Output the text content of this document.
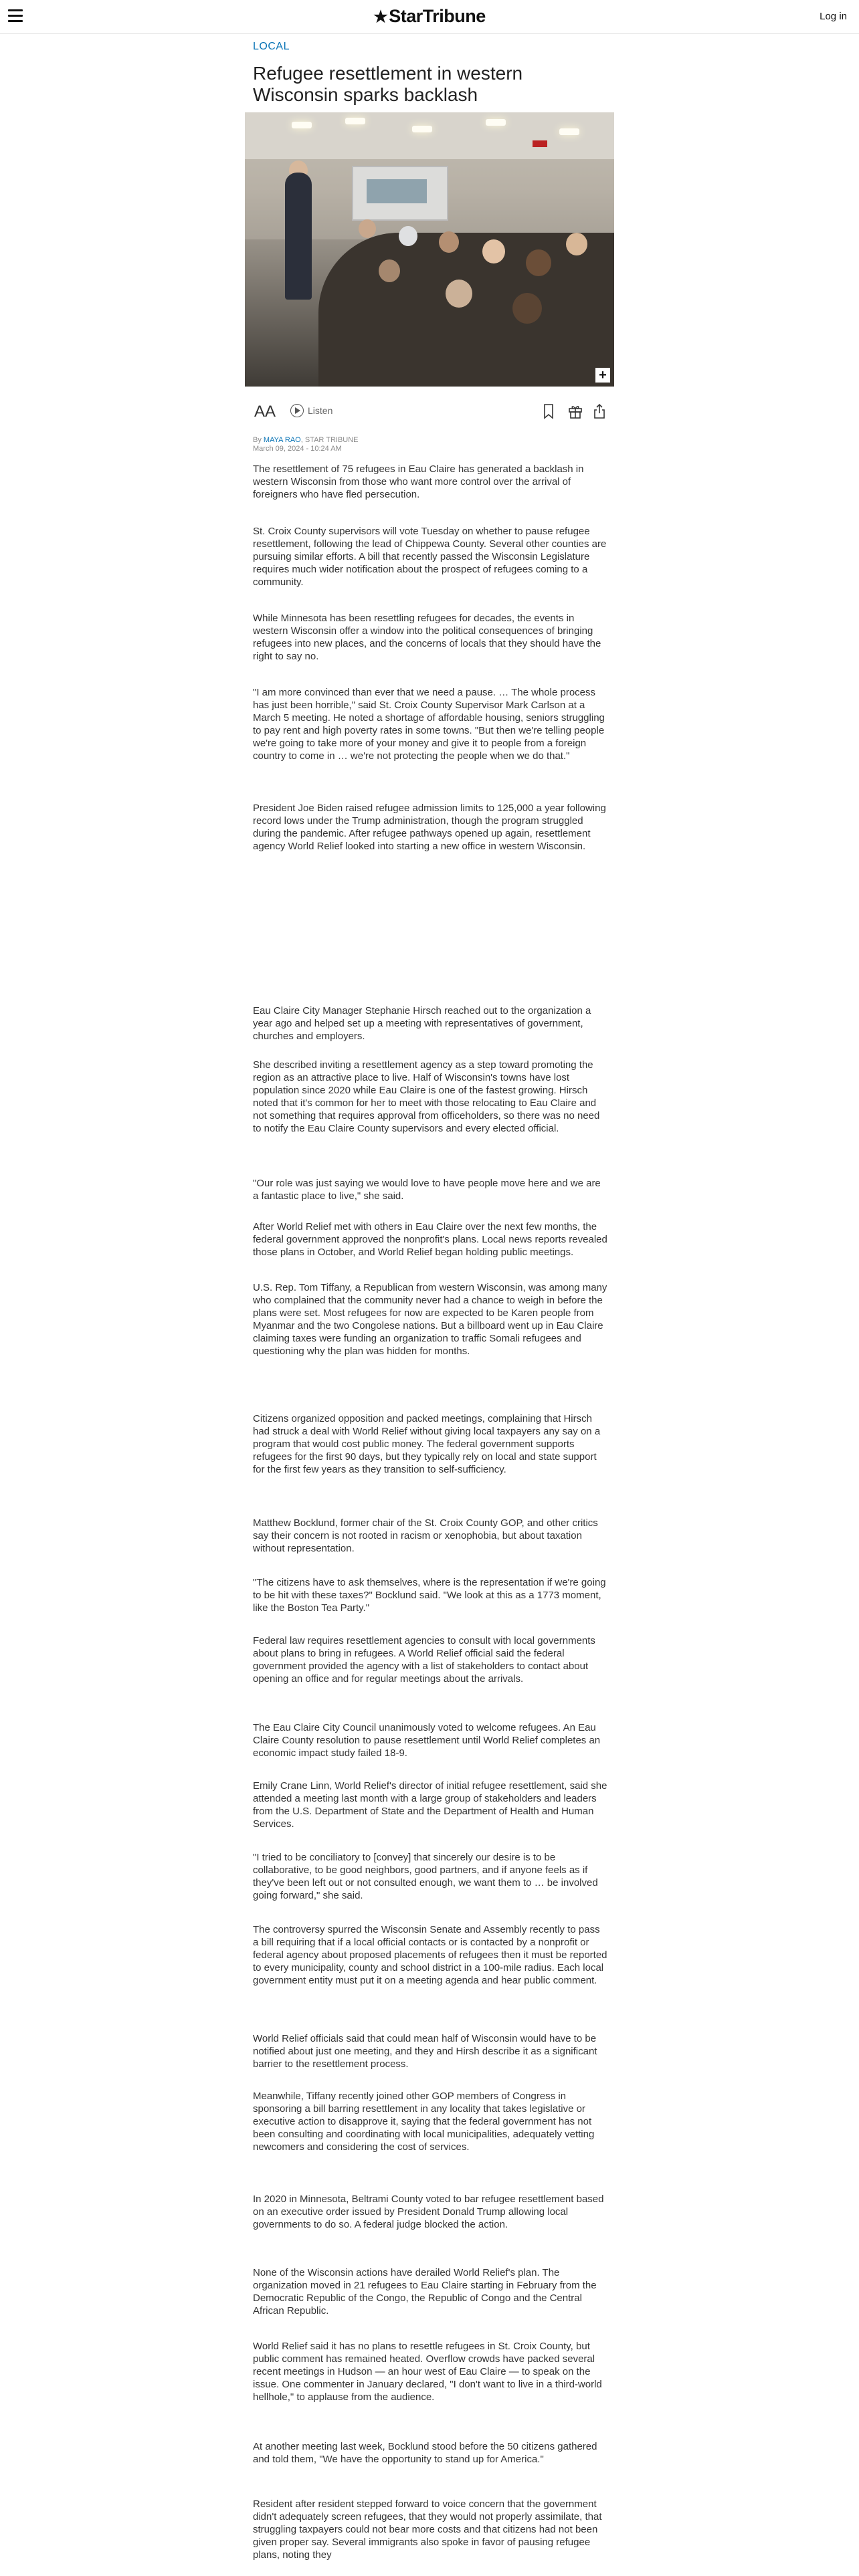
★StarTribune	Log in
LOCAL
Refugee resettlement in western Wisconsin sparks backlash
+
AA	Listen
By MAYA RAO, STAR TRIBUNE
March 09, 2024 - 10:24 AM

The resettlement of 75 refugees in Eau Claire has generated a backlash in western Wisconsin from those who want more control over the arrival of foreigners who have fled persecution.

St. Croix County supervisors will vote Tuesday on whether to pause refugee resettlement, following the lead of Chippewa County. Several other counties are pursuing similar efforts. A bill that recently passed the Wisconsin Legislature requires much wider notification about the prospect of refugees coming to a community.

While Minnesota has been resettling refugees for decades, the events in western Wisconsin offer a window into the political consequences of bringing refugees into new places, and the concerns of locals that they should have the right to say no.

"I am more convinced than ever that we need a pause. … The whole process has just been horrible," said St. Croix County Supervisor Mark Carlson at a March 5 meeting. He noted a shortage of affordable housing, seniors struggling to pay rent and high poverty rates in some towns. "But then we're telling people we're going to take more of your money and give it to people from a foreign country to come in … we're not protecting the people when we do that."

President Joe Biden raised refugee admission limits to 125,000 a year following record lows under the Trump administration, though the program struggled during the pandemic. After refugee pathways opened up again, resettlement agency World Relief looked into starting a new office in western Wisconsin.

Eau Claire City Manager Stephanie Hirsch reached out to the organization a year ago and helped set up a meeting with representatives of government, churches and employers.

She described inviting a resettlement agency as a step toward promoting the region as an attractive place to live. Half of Wisconsin's towns have lost population since 2020 while Eau Claire is one of the fastest growing. Hirsch noted that it's common for her to meet with those relocating to Eau Claire and not something that requires approval from officeholders, so there was no need to notify the Eau Claire County supervisors and every elected official.

"Our role was just saying we would love to have people move here and we are a fantastic place to live," she said.

After World Relief met with others in Eau Claire over the next few months, the federal government approved the nonprofit's plans. Local news reports revealed those plans in October, and World Relief began holding public meetings.

U.S. Rep. Tom Tiffany, a Republican from western Wisconsin, was among many who complained that the community never had a chance to weigh in before the plans were set. Most refugees for now are expected to be Karen people from Myanmar and the two Congolese nations. But a billboard went up in Eau Claire claiming taxes were funding an organization to traffic Somali refugees and questioning why the plan was hidden for months.

Citizens organized opposition and packed meetings, complaining that Hirsch had struck a deal with World Relief without giving local taxpayers any say on a program that would cost public money. The federal government supports refugees for the first 90 days, but they typically rely on local and state support for the first few years as they transition to self-sufficiency.

Matthew Bocklund, former chair of the St. Croix County GOP, and other critics say their concern is not rooted in racism or xenophobia, but about taxation without representation.

"The citizens have to ask themselves, where is the representation if we're going to be hit with these taxes?" Bocklund said. "We look at this as a 1773 moment, like the Boston Tea Party."

Federal law requires resettlement agencies to consult with local governments about plans to bring in refugees. A World Relief official said the federal government provided the agency with a list of stakeholders to contact about opening an office and for regular meetings about the arrivals.

The Eau Claire City Council unanimously voted to welcome refugees. An Eau Claire County resolution to pause resettlement until World Relief completes an economic impact study failed 18-9.

Emily Crane Linn, World Relief's director of initial refugee resettlement, said she attended a meeting last month with a large group of stakeholders and leaders from the U.S. Department of State and the Department of Health and Human Services.

"I tried to be conciliatory to [convey] that sincerely our desire is to be collaborative, to be good neighbors, good partners, and if anyone feels as if they've been left out or not consulted enough, we want them to … be involved going forward," she said.

The controversy spurred the Wisconsin Senate and Assembly recently to pass a bill requiring that if a local official contacts or is contacted by a nonprofit or federal agency about proposed placements of refugees then it must be reported to every municipality, county and school district in a 100-mile radius. Each local government entity must put it on a meeting agenda and hear public comment.

World Relief officials said that could mean half of Wisconsin would have to be notified about just one meeting, and they and Hirsh describe it as a significant barrier to the resettlement process.

Meanwhile, Tiffany recently joined other GOP members of Congress in sponsoring a bill barring resettlement in any locality that takes legislative or executive action to disapprove it, saying that the federal government has not been consulting and coordinating with local municipalities, adequately vetting newcomers and considering the cost of services.

In 2020 in Minnesota, Beltrami County voted to bar refugee resettlement based on an executive order issued by President Donald Trump allowing local governments to do so. A federal judge blocked the action.

None of the Wisconsin actions have derailed World Relief's plan. The organization moved in 21 refugees to Eau Claire starting in February from the Democratic Republic of the Congo, the Republic of Congo and the Central African Republic.

World Relief said it has no plans to resettle refugees in St. Croix County, but public comment has remained heated. Overflow crowds have packed several recent meetings in Hudson — an hour west of Eau Claire — to speak on the issue. One commenter in January declared, "I don't want to live in a third-world hellhole," to applause from the audience.

At another meeting last week, Bocklund stood before the 50 citizens gathered and told them, "We have the opportunity to stand up for America."

Resident after resident stepped forward to voice concern that the government didn't adequately screen refugees, that they would not properly assimilate, that struggling taxpayers could not bear more costs and that citizens had not been given proper say. Several immigrants also spoke in favor of pausing refugee plans, noting they
